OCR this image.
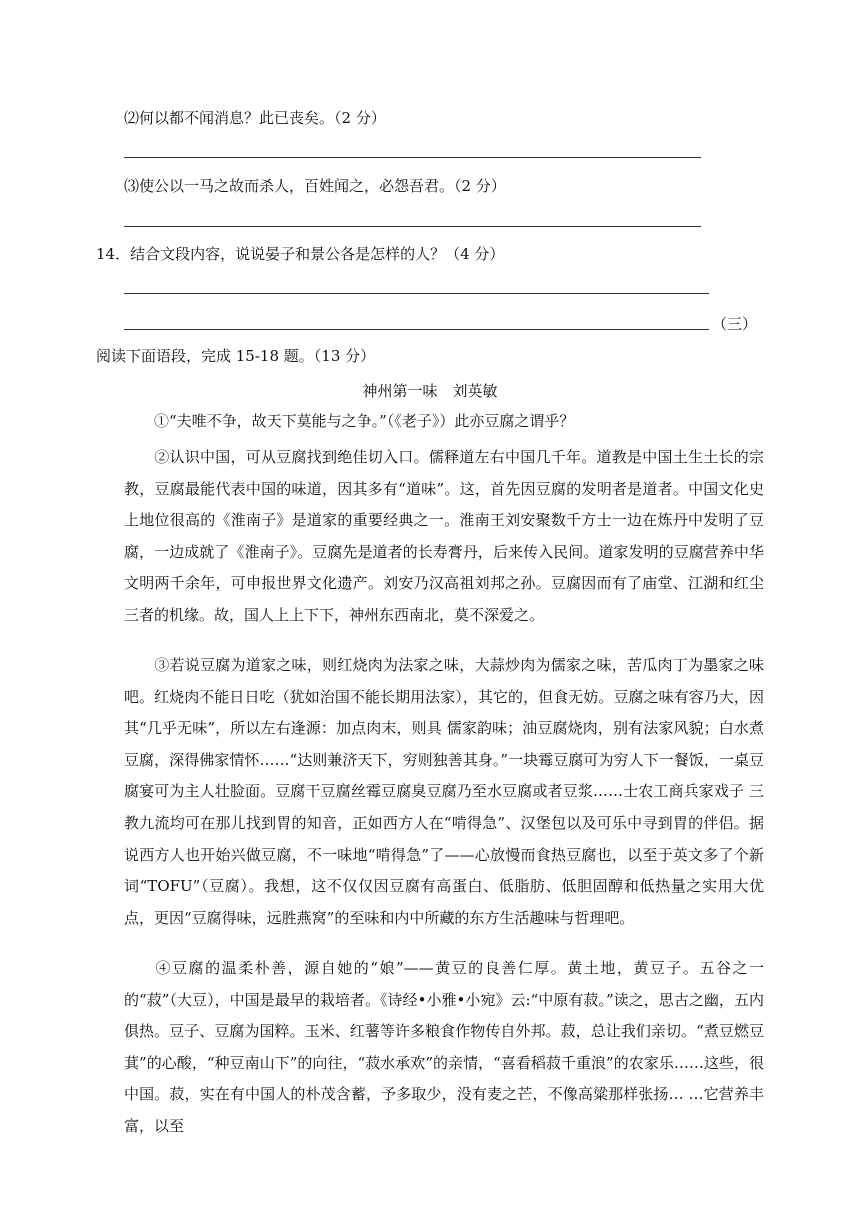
⑵何以都不闻消息？此已丧矣。（2 分）
⑶使公以一马之故而杀人，百姓闻之，必怨吾君。（2 分）
14．结合文段内容，说说晏子和景公各是怎样的人？（4 分）
（三）
阅读下面语段，完成 15-18 题。（13 分）
神州第一味　刘英敏
①“夫唯不争，故天下莫能与之争。”（《老子》）此亦豆腐之谓乎？
②认识中国，可从豆腐找到绝佳切入口。儒释道左右中国几千年。道教是中国土生土长的宗教，豆腐最能代表中国的味道，因其多有“道味”。这，首先因豆腐的发明者是道者。中国文化史上地位很高的《淮南子》是道家的重要经典之一。淮南王刘安聚数千方士一边在炼丹中发明了豆腐，一边成就了《淮南子》。豆腐先是道者的长寿膏丹，后来传入民间。道家发明的豆腐营养中华文明两千余年，可申报世界文化遗产。刘安乃汉高祖刘邦之孙。豆腐因而有了庙堂、江湖和红尘三者的机缘。故，国人上上下下，神州东西南北，莫不深爱之。
③若说豆腐为道家之味，则红烧肉为法家之味，大蒜炒肉为儒家之味，苦瓜肉丁为墨家之味吧。红烧肉不能日日吃（犹如治国不能长期用法家），其它的，但食无妨。豆腐之味有容乃大，因其“几乎无味”，所以左右逢源：加点肉末，则具 儒家韵味；油豆腐烧肉，别有法家风貌；白水煮豆腐，深得佛家情怀……“达则兼济天下，穷则独善其身。”一块霉豆腐可为穷人下一餐饭，一桌豆腐宴可为主人壮脸面。豆腐干豆腐丝霉豆腐臭豆腐乃至水豆腐或者豆浆……士农工商兵家戏子 三教九流均可在那儿找到胃的知音，正如西方人在“啃得急”、汉堡包以及可乐中寻到胃的伴侣。据说西方人也开始兴做豆腐，不一味地“啃得急”了——心放慢而食热豆腐也，以至于英文多了个新词“TOFU”（豆腐）。我想，这不仅仅因豆腐有高蛋白、低脂肪、低胆固醇和低热量之实用大优点，更因“豆腐得味，远胜燕窝”的至味和内中所藏的东方生活趣味与哲理吧。
④豆腐的温柔朴善，源自她的“娘”——黄豆的良善仁厚。黄土地，黄豆子。五谷之一的“菽”（大豆），中国是最早的栽培者。《诗经•小雅•小宛》云:“中原有菽。”读之，思古之幽，五内俱热。豆子、豆腐为国粹。玉米、红薯等许多粮食作物传自外邦。菽，总让我们亲切。“煮豆燃豆萁”的心酸，“种豆南山下”的向往，“菽水承欢”的亲情，“喜看稻菽千重浪”的农家乐……这些，很中国。菽，实在有中国人的朴茂含蓄，予多取少，没有麦之芒，不像高粱那样张扬… …它营养丰富，以至
